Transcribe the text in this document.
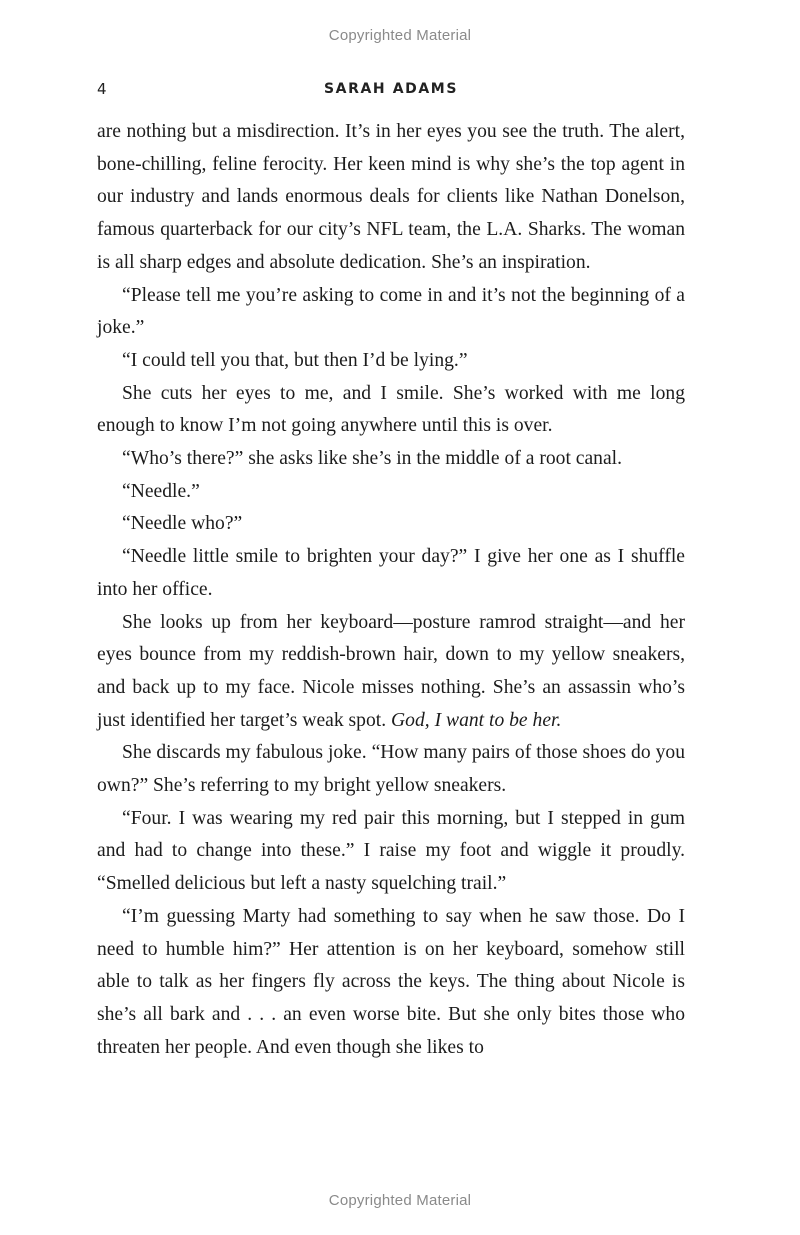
Copyrighted Material
4	SARAH ADAMS

are nothing but a misdirection. It’s in her eyes you see the truth. The alert, bone-chilling, feline ferocity. Her keen mind is why she’s the top agent in our industry and lands enormous deals for clients like Nathan Donelson, famous quarterback for our city’s NFL team, the L.A. Sharks. The woman is all sharp edges and absolute dedication. She’s an inspiration.

“Please tell me you’re asking to come in and it’s not the beginning of a joke.”

“I could tell you that, but then I’d be lying.”

She cuts her eyes to me, and I smile. She’s worked with me long enough to know I’m not going anywhere until this is over.

“Who’s there?” she asks like she’s in the middle of a root canal.

“Needle.”

“Needle who?”

“Needle little smile to brighten your day?” I give her one as I shuffle into her office.

She looks up from her keyboard—posture ramrod straight—and her eyes bounce from my reddish-brown hair, down to my yellow sneakers, and back up to my face. Nicole misses nothing. She’s an assassin who’s just identified her target’s weak spot. God, I want to be her.

She discards my fabulous joke. “How many pairs of those shoes do you own?” She’s referring to my bright yellow sneakers.

“Four. I was wearing my red pair this morning, but I stepped in gum and had to change into these.” I raise my foot and wiggle it proudly. “Smelled delicious but left a nasty squelching trail.”

“I’m guessing Marty had something to say when he saw those. Do I need to humble him?” Her attention is on her keyboard, somehow still able to talk as her fingers fly across the keys. The thing about Nicole is she’s all bark and . . . an even worse bite. But she only bites those who threaten her people. And even though she likes to

Copyrighted Material
